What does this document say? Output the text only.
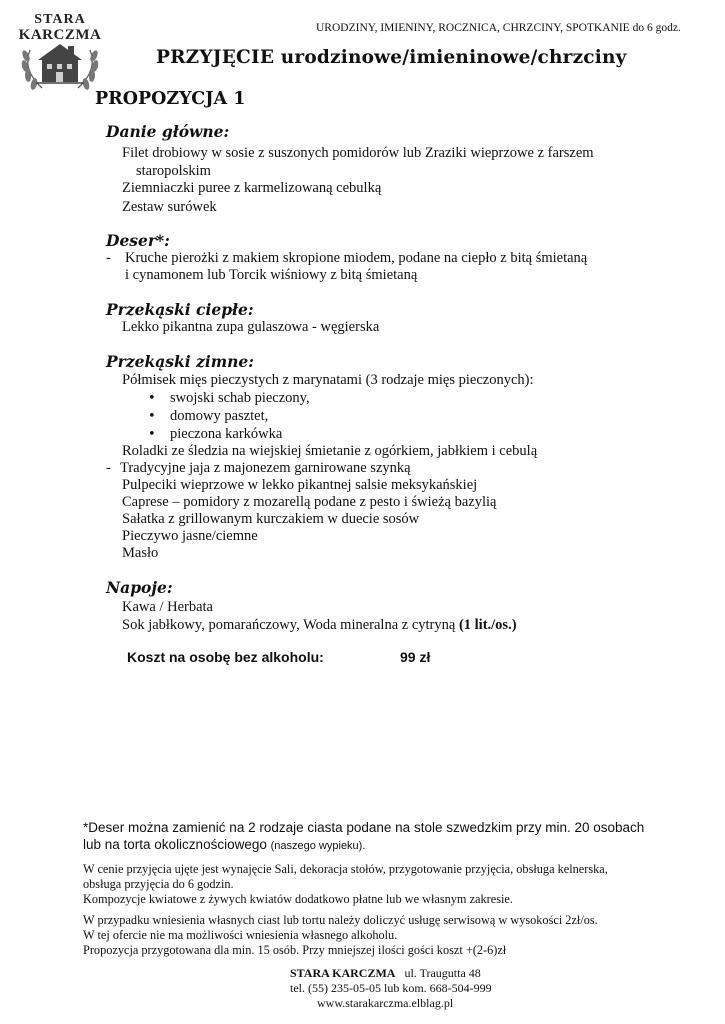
STARA
KARCZMA	URODZINY, IMIENINY, ROCZNICA, CHRZCINY, SPOTKANIE do 6 godz.
PRZYJĘCIE urodzinowe/imieninowe/chrzciny
PROPOZYCJA 1
Danie główne:
Filet drobiowy w sosie z suszonych pomidorów lub Zraziki wieprzowe z farszem
staropolskim
Ziemniaczki puree z karmelizowaną cebulką
Zestaw surówek
Deser*:
- Kruche pierożki z makiem skropione miodem, podane na ciepło z bitą śmietaną
i cynamonem lub Torcik wiśniowy z bitą śmietaną
Przekąski ciepłe:
Lekko pikantna zupa gulaszowa - węgierska
Przekąski zimne:
Półmisek mięs pieczystych z marynatami (3 rodzaje mięs pieczonych):
• swojski schab pieczony,
• domowy pasztet,
• pieczona karkówka
Roladki ze śledzia na wiejskiej śmietanie z ogórkiem, jabłkiem i cebulą
- Tradycyjne jaja z majonezem garnirowane szynką
Pulpeciki wieprzowe w lekko pikantnej salsie meksykańskiej
Caprese – pomidory z mozarellą podane z pesto i świeżą bazylią
Sałatka z grillowanym kurczakiem w duecie sosów
Pieczywo jasne/ciemne
Masło
Napoje:
Kawa / Herbata
Sok jabłkowy, pomarańczowy, Woda mineralna z cytryną (1 lit./os.)
Koszt na osobę bez alkoholu:	99 zł
*Deser można zamienić na 2 rodzaje ciasta podane na stole szwedzkim przy min. 20 osobach
lub na torta okolicznościowego (naszego wypieku).
W cenie przyjęcia ujęte jest wynajęcie Sali, dekoracja stołów, przygotowanie przyjęcia, obsługa kelnerska,
obsługa przyjęcia do 6 godzin.
Kompozycje kwiatowe z żywych kwiatów dodatkowo płatne lub we własnym zakresie.
W przypadku wniesienia własnych ciast lub tortu należy doliczyć usługę serwisową w wysokości 2zł/os.
W tej ofercie nie ma możliwości wniesienia własnego alkoholu.
Propozycja przygotowana dla min. 15 osób. Przy mniejszej ilości gości koszt +(2-6)zł
STARA KARCZMA ul. Traugutta 48
tel. (55) 235-05-05 lub kom. 668-504-999
www.starakarczma.elblag.pl
